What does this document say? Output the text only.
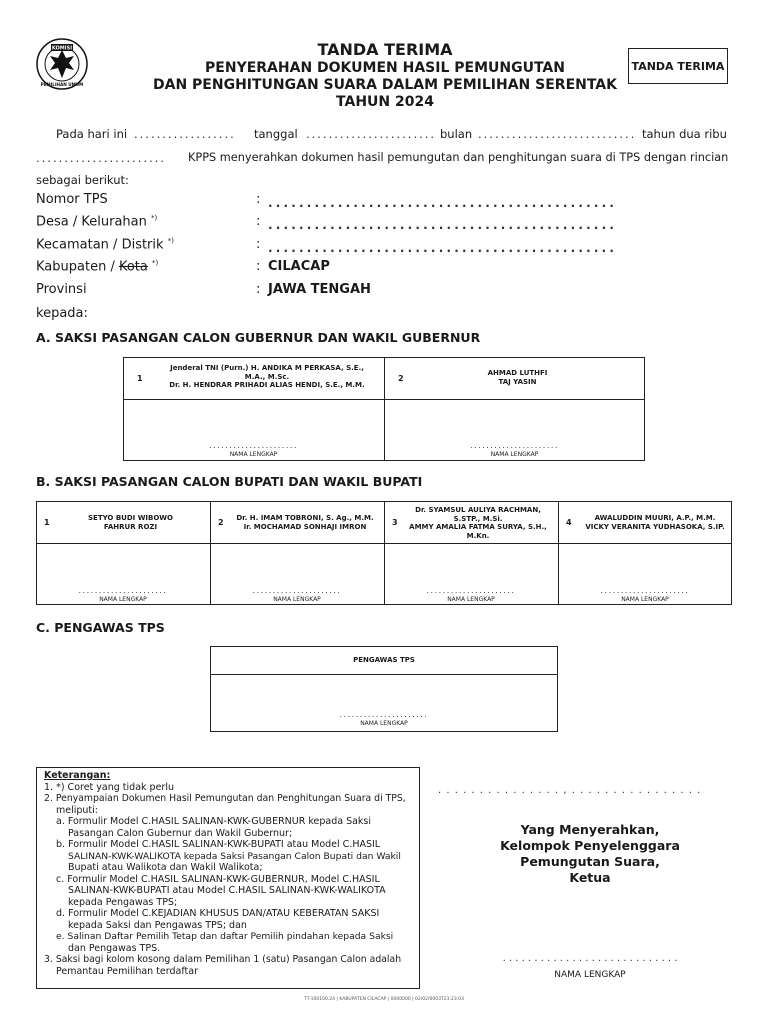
KOMISI
PEMILIHAN UMUM
TANDA TERIMA
PENYERAHAN DOKUMEN HASIL PEMUNGUTAN
DAN PENGHITUNGAN SUARA DALAM PEMILIHAN SERENTAK
TAHUN 2024
TANDA TERIMA
Pada hari ini .................. tanggal ....................... bulan ............................ tahun dua ribu
....................... KPPS menyerahkan dokumen hasil pemungutan dan penghitungan suara di TPS dengan rincian
sebagai berikut:
Nomor TPS	: .............................................
Desa / Kelurahan *)	: .............................................
Kecamatan / Distrik *)	: .............................................
Kabupaten / Kota *)	: CILACAP
Provinsi	: JAWA TENGAH
kepada:
A. SAKSI PASANGAN CALON GUBERNUR DAN WAKIL GUBERNUR
1
Jenderal TNI (Purn.) H. ANDIKA M PERKASA, S.E.,
M.A., M.Sc.
Dr. H. HENDRAR PRIHADI ALIAS HENDI, S.E., M.M.
2
AHMAD LUTHFI
TAJ YASIN
......................
NAMA LENGKAP
......................
NAMA LENGKAP
B. SAKSI PASANGAN CALON BUPATI DAN WAKIL BUPATI
1	SETYO BUDI WIBOWO
FAHRUR ROZI	2	Dr. H. IMAM TOBRONI, S. Ag., M.M.
Ir. MOCHAMAD SONHAJI IMRON	3
Dr. SYAMSUL AULIYA RACHMAN,
S.STP., M.Si.
AMMY AMALIA FATMA SURYA, S.H.,
M.Kn.
4	AWALUDDIN MUURI, A.P., M.M.
VICKY VERANITA YUDHASOKA, S.IP.
......................
NAMA LENGKAP
......................
NAMA LENGKAP
......................
NAMA LENGKAP
......................
NAMA LENGKAP
C. PENGAWAS TPS
PENGAWAS TPS
......................
NAMA LENGKAP
Keterangan:
1. *) Coret yang tidak perlu
2. Penyampaian Dokumen Hasil Pemungutan dan Penghitungan Suara di TPS,
meliputi:
a. Formulir Model C.HASIL SALINAN-KWK-GUBERNUR kepada Saksi
Pasangan Calon Gubernur dan Wakil Gubernur;
b. Formulir Model C.HASIL SALINAN-KWK-BUPATI atau Model C.HASIL
SALINAN-KWK-WALIKOTA kepada Saksi Pasangan Calon Bupati dan Wakil
Bupati atau Walikota dan Wakil Walikota;
c. Formulir Model C.HASIL SALINAN-KWK-GUBERNUR, Model C.HASIL
SALINAN-KWK-BUPATI atau Model C.HASIL SALINAN-KWK-WALIKOTA
kepada Pengawas TPS;
d. Formulir Model C.KEJADIAN KHUSUS DAN/ATAU KEBERATAN SAKSI
kepada Saksi dan Pengawas TPS; dan
e. Salinan Daftar Pemilih Tetap dan daftar Pemilih pindahan kepada Saksi
dan Pengawas TPS.
3. Saksi bagi kolom kosong dalam Pemilihan 1 (satu) Pasangan Calon adalah
Pemantau Pemilihan terdaftar
. . . . . . . . . . . . . . . , . . . . . . . . . . . . . . . .
Yang Menyerahkan,
Kelompok Penyelenggara
Pemungutan Suara,
Ketua
. . . . . . . . . . . . . . . . . . . . . . . . . . . .
NAMA LENGKAP
TT-100100.24 | KABUPATEN CILACAP | 0000000 | 02/02/0003T23:23:03
